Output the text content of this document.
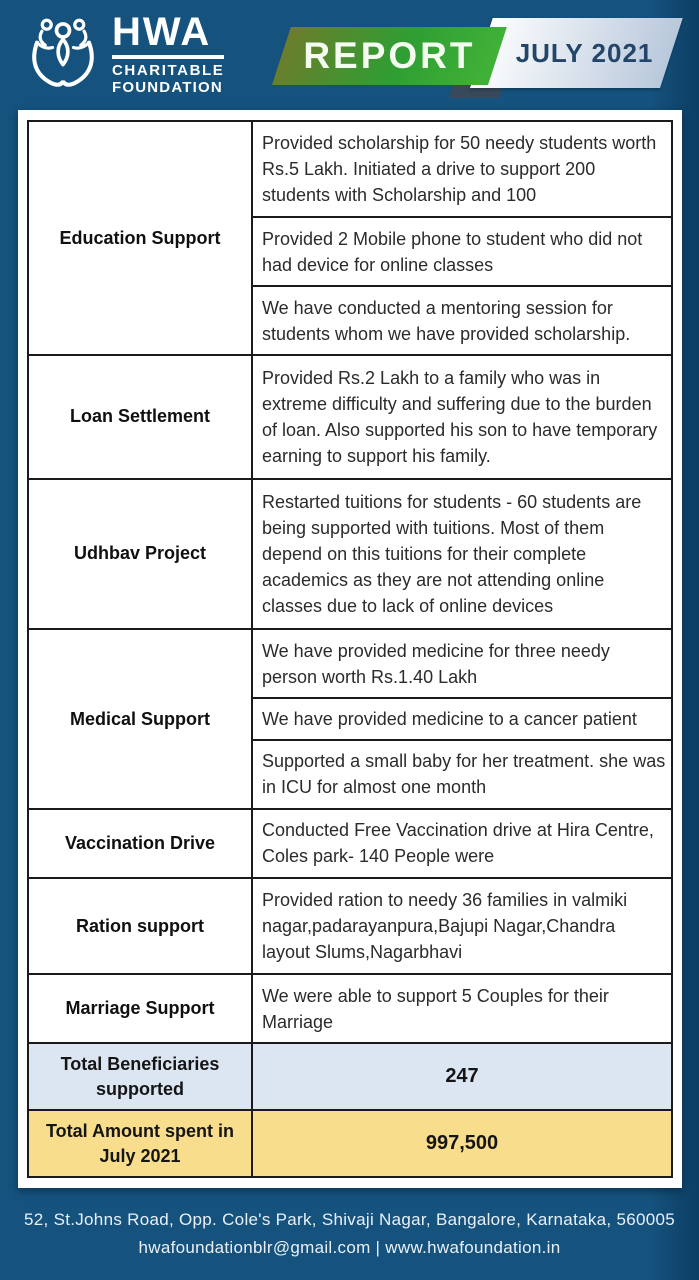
HWA
CHARITABLE
FOUNDATION
JULY 2021
REPORT
Education Support	Provided scholarship for 50 needy students worth Rs.5 Lakh. Initiated a drive to support 200 students with Scholarship and 100
	Provided 2 Mobile phone to student who did not had device for online classes
	We have conducted a mentoring session for students whom we have provided scholarship.
Loan Settlement	Provided Rs.2 Lakh to a family who was in extreme difficulty and suffering due to the burden of loan. Also supported his son to have temporary earning to support his family.
Udhbav Project	Restarted tuitions for students - 60 students are being supported with tuitions. Most of them depend on this tuitions for their complete academics as they are not attending online classes due to lack of online devices
Medical Support	We have provided medicine for three needy person worth Rs.1.40 Lakh
	We have provided medicine to a cancer patient
	Supported a small baby for her treatment. she was in ICU for almost one month
Vaccination Drive	Conducted Free Vaccination drive at Hira Centre, Coles park- 140 People were
Ration support	Provided ration to needy 36 families in valmiki nagar,padarayanpura,Bajupi Nagar,Chandra layout Slums,Nagarbhavi
Marriage Support	We were able to support 5 Couples for their Marriage
Total Beneficiaries supported	247
Total Amount spent in July 2021	997,500
52, St.Johns Road, Opp. Cole's Park, Shivaji Nagar, Bangalore, Karnataka, 560005
hwafoundationblr@gmail.com | www.hwafoundation.in
